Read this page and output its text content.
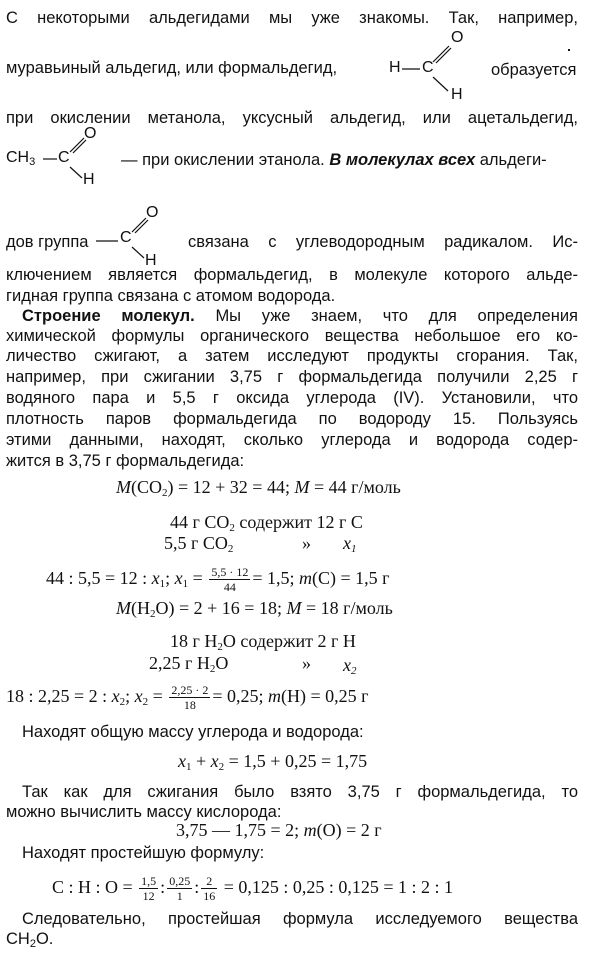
С некоторыми альдегидами мы уже знакомы. Так, например,
муравьиный альдегид, или формальдегид,	H C
O
H
образуется
при окислении метанола, уксусный альдегид, или ацетальдегид,
$CH_3$ C
O
H
— при окислении этанола. В молекулах всех альдеги-
дов группа C
O
H
связана с углеводородным радикалом. Ис-
ключением является формальдегид, в молекуле которого альде-
гидная группа связана с атомом водорода.
Строение молекул. Мы уже знаем, что для определения
химической формулы органического вещества небольшое его ко-
личество сжигают, а затем исследуют продукты сгорания. Так,
например, при сжигании 3,75 г формальдегида получили 2,25 г
водяного пара и 5,5 г оксида углерода (IV). Установили, что
плотность паров формальдегида по водороду 15. Пользуясь
этими данными, находят, сколько углерода и водорода содер-
жится в 3,75 г формальдегида:
$M(CO_2) = 12 + 32 = 44$; M = 44 г/моль
44 г $CO_2$ содержит 12 г C
5,5 г $CO_2$	» $x_1$
44 : 5,5 = 12 : $x_1$; $x_1 = \frac{5,5 \cdot 12}{44} = 1,5$; m(C) = 1,5 г
$M(H_2O) = 2 + 16 = 18$; M = 18 г/моль
18 г $H_2O$ содержит 2 г H
2,25 г $H_2O$	» $x_2$
18 : 2,25 = 2 : $x_2$; $x_2 = \frac{2,25 \cdot 2}{18} = 0,25$; m(H) = 0,25 г
Находят общую массу углерода и водорода:
$x_1 + x_2 = 1,5 + 0,25 = 1,75$
Так как для сжигания было взято 3,75 г формальдегида, то
можно вычислить массу кислорода:
3,75 — 1,75 = 2; m(O) = 2 г
Находят простейшую формулу:
C : H : $O = \frac{1,5}{12}$ : $\frac{0,25}{1}$ : $\frac{2}{16} = 0,125$ : 0,25 : 0,125 = 1 : 2 : 1
Следовательно, простейшая формула исследуемого вещества
$CH_2O$.
